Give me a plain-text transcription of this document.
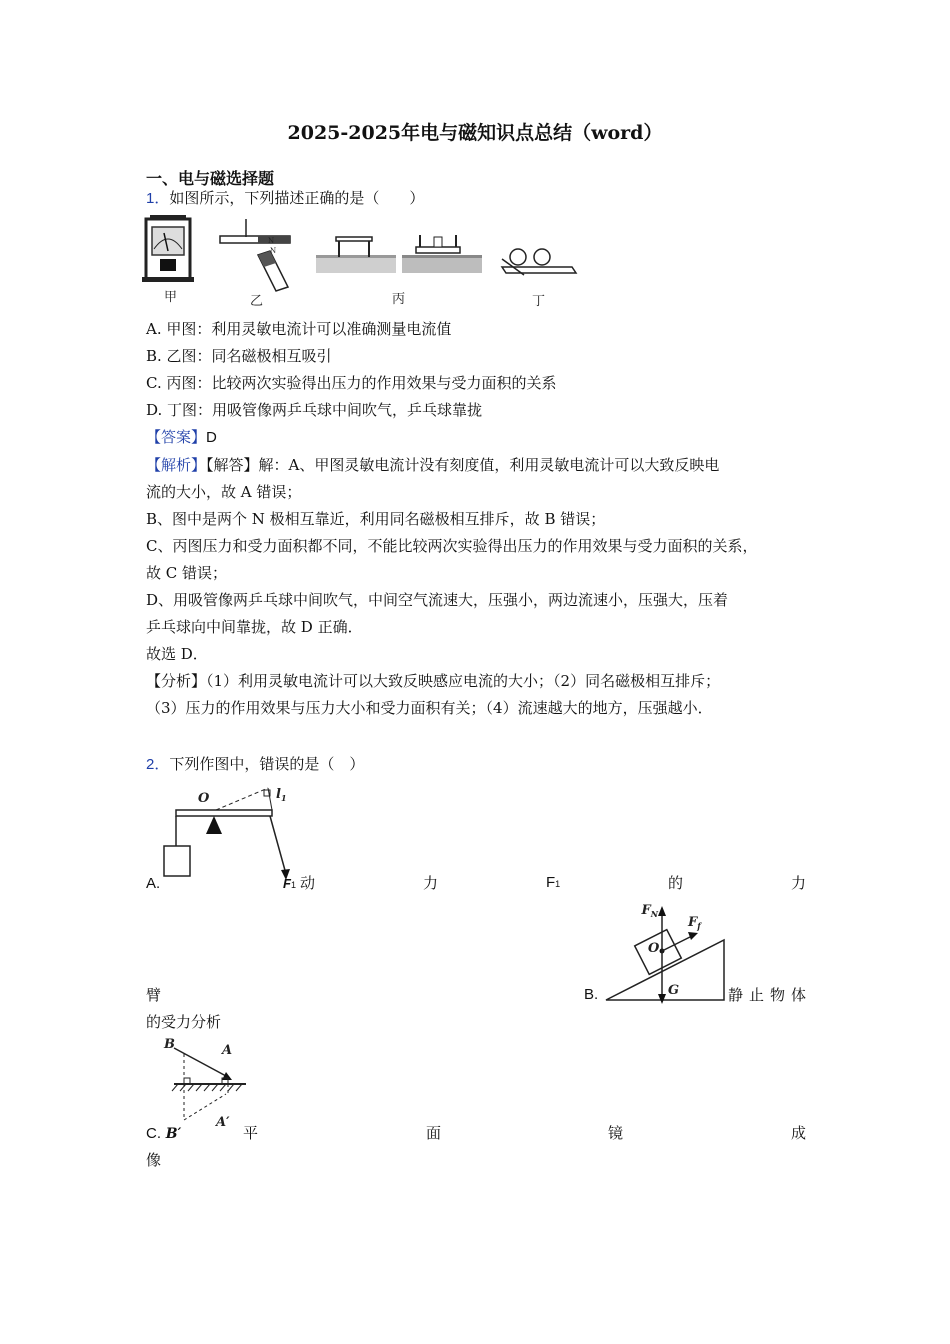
2025-2025年电与磁知识点总结（word）
一、电与磁选择题
1．如图所示，下列描述正确的是（　　）
甲	乙	丙	丁
N
N
A. 甲图：利用灵敏电流计可以准确测量电流值
B. 乙图：同名磁极相互吸引
C. 丙图：比较两次实验得出压力的作用效果与受力面积的关系
D. 丁图：用吸管像两乒乓球中间吹气，乒乓球靠拢
【答案】D
【解析】【解答】解：A、甲图灵敏电流计没有刻度值，利用灵敏电流计可以大致反映电
流的大小，故 A 错误；
B、图中是两个 N 极相互靠近，利用同名磁极相互排斥，故 B 错误；
C、丙图压力和受力面积都不同，不能比较两次实验得出压力的作用效果与受力面积的关系，
故 C 错误；
D、用吸管像两乒乓球中间吹气，中间空气流速大，压强小，两边流速小，压强大，压着
乒乓球向中间靠拢，故 D 正确．
故选 D．
【分析】（1）利用灵敏电流计可以大致反映感应电流的大小；（2）同名磁极相互排斥；
（3）压力的作用效果与压力大小和受力面积有关；（4）流速越大的地方，压强越小．
2．下列作图中，错误的是（　）
O	$l_1$
A.	F1 动	力	F1	的	力
臂
$F_N$
$F_f$
O
G
B.	静 止 物 体
的受力分析
B	A
A′
C. B′	平	面	镜	成
像
